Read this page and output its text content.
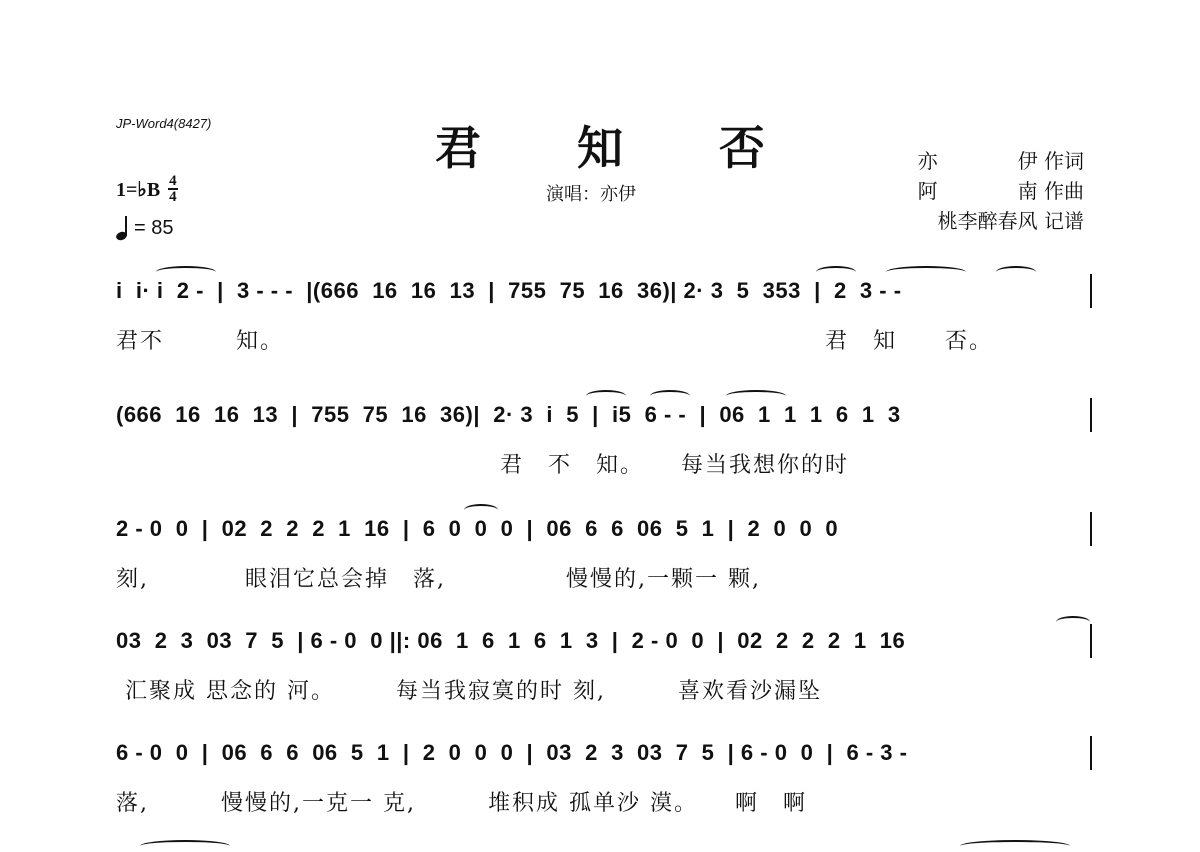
JP-Word4(8427)	君 知 否
演唱：亦伊
亦　　　　伊 作词
阿　　　　南 作曲
桃李醉春风 记谱
1=♭B $\frac{4}{4}$
= 85
i  i· i  2 -  |  3 - - -  |(666  16  16  13  |  755  75  16  36)| 2· 3  5  353  |  2  3 - -
君不　　　知。　　　　　　　　　　　　　　　　　　　　　　　君　知　　否。
(666  16  16  13  |  755  75  16  36)|  2· 3  i  5  |  i5  6 - -  |  06  1  1  1  6  1  3
　　　　　　　　　　　　　　　　君　不　知。　　每当我想你的时
2 - 0  0  |  02  2  2  2  1  16  |  6  0  0  0  |  06  6  6  06  5  1  |  2  0  0  0
刻,　　　　眼泪它总会掉　落,　　　　　慢慢的,一颗一 颗,
03  2  3  03  7  5  | 6 - 0  0 ||: 06  1  6  1  6  1  3  |  2 - 0  0  |  02  2  2  2  1  16
汇聚成 思念的 河。　　　每当我寂寞的时 刻,　　　喜欢看沙漏坠
6 - 0  0  |  06  6  6  06  5  1  |  2  0  0  0  |  03  2  3  03  7  5  | 6 - 0  0  |  6 - 3 -
落,　　　慢慢的,一克一 克,　　　堆积成 孤单沙 漠。　　啊　啊
